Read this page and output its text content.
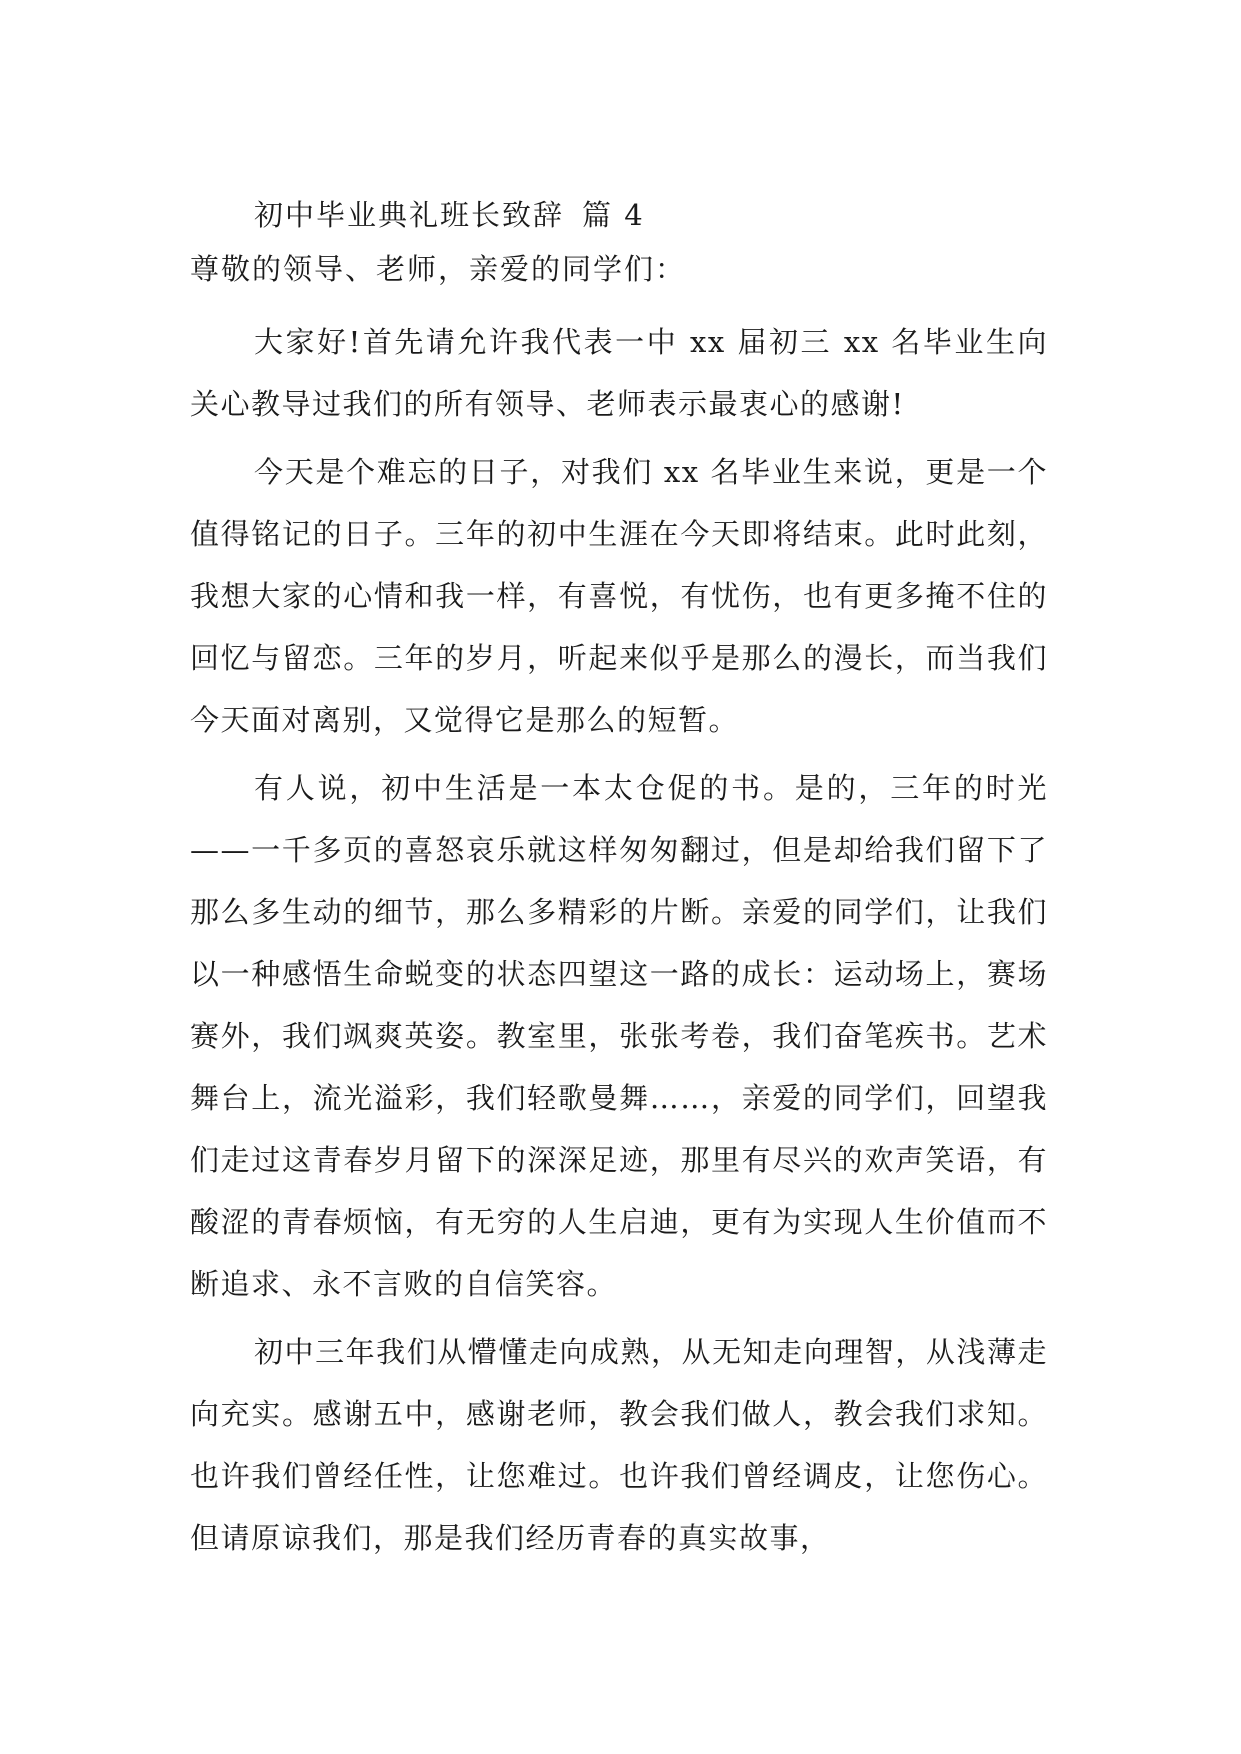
初中毕业典礼班长致辞 篇 4
尊敬的领导、老师，亲爱的同学们：

大家好!首先请允许我代表一中 xx 届初三 xx 名毕业生向关心教导过我们的所有领导、老师表示最衷心的感谢!

今天是个难忘的日子，对我们 xx 名毕业生来说，更是一个值得铭记的日子。三年的初中生涯在今天即将结束。此时此刻，我想大家的心情和我一样，有喜悦，有忧伤，也有更多掩不住的回忆与留恋。三年的岁月，听起来似乎是那么的漫长，而当我们今天面对离别，又觉得它是那么的短暂。

有人说，初中生活是一本太仓促的书。是的，三年的时光——一千多页的喜怒哀乐就这样匆匆翻过，但是却给我们留下了那么多生动的细节，那么多精彩的片断。亲爱的同学们，让我们以一种感悟生命蜕变的状态四望这一路的成长：运动场上，赛场赛外，我们飒爽英姿。教室里，张张考卷，我们奋笔疾书。艺术舞台上，流光溢彩，我们轻歌曼舞……，亲爱的同学们，回望我们走过这青春岁月留下的深深足迹，那里有尽兴的欢声笑语，有酸涩的青春烦恼，有无穷的人生启迪，更有为实现人生价值而不断追求、永不言败的自信笑容。

初中三年我们从懵懂走向成熟，从无知走向理智，从浅薄走向充实。感谢五中，感谢老师，教会我们做人，教会我们求知。也许我们曾经任性，让您难过。也许我们曾经调皮，让您伤心。但请原谅我们，那是我们经历青春的真实故事，
